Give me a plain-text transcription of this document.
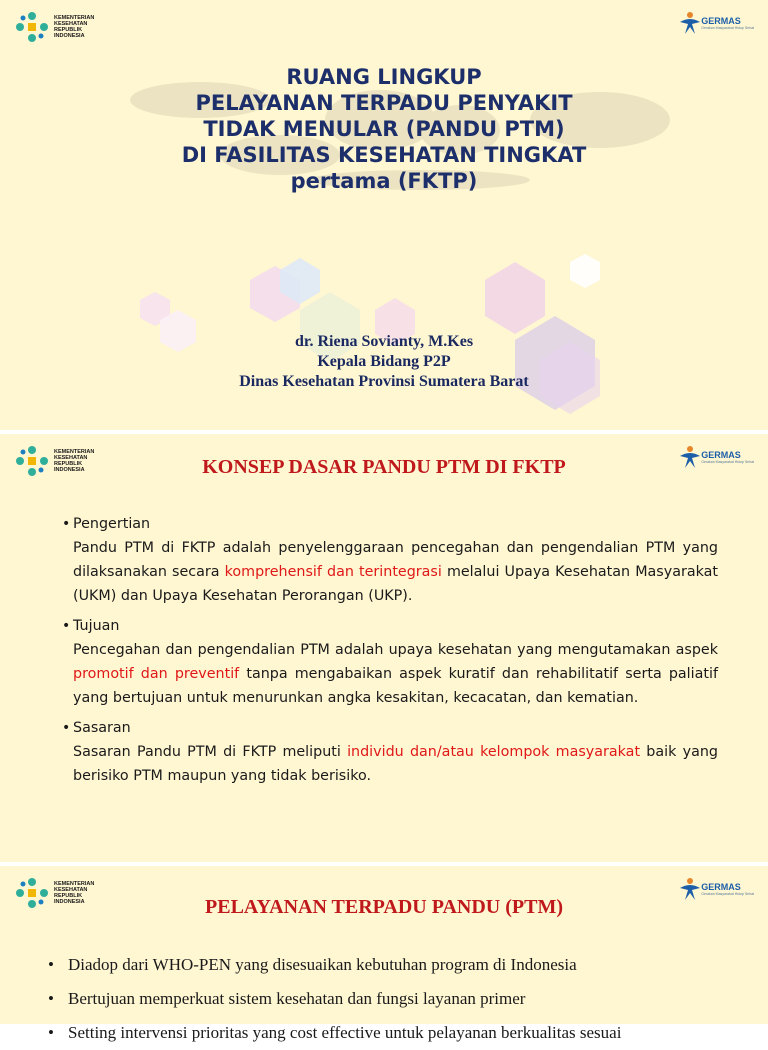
KEMENTERIAN
KESEHATAN
REPUBLIK
INDONESIA
GERMAS
Gerakan Masyarakat Hidup Sehat
RUANG LINGKUP
PELAYANAN TERPADU PENYAKIT
TIDAK MENULAR (PANDU PTM)
DI FASILITAS KESEHATAN TINGKAT
pertama (FKTP)
dr. Riena Sovianty, M.Kes
Kepala Bidang P2P
Dinas Kesehatan Provinsi Sumatera Barat
KEMENTERIAN
KESEHATAN
REPUBLIK
INDONESIA
GERMAS
Gerakan Masyarakat Hidup Sehat
KONSEP DASAR PANDU PTM DI FKTP
• Pengertian
Pandu PTM di FKTP adalah penyelenggaraan pencegahan dan pengendalian PTM yang dilaksanakan secara komprehensif dan terintegrasi melalui Upaya Kesehatan Masyarakat (UKM) dan Upaya Kesehatan Perorangan (UKP).
• Tujuan
Pencegahan dan pengendalian PTM adalah upaya kesehatan yang mengutamakan aspek promotif dan preventif tanpa mengabaikan aspek kuratif dan rehabilitatif serta paliatif yang bertujuan untuk menurunkan angka kesakitan, kecacatan, dan kematian.
• Sasaran
Sasaran Pandu PTM di FKTP meliputi individu dan/atau kelompok masyarakat baik yang berisiko PTM maupun yang tidak berisiko.
KEMENTERIAN
KESEHATAN
REPUBLIK
INDONESIA
GERMAS
Gerakan Masyarakat Hidup Sehat
PELAYANAN TERPADU PANDU (PTM)
• Diadop dari WHO-PEN yang disesuaikan kebutuhan program di Indonesia
• Bertujuan memperkuat sistem kesehatan dan fungsi layanan primer
• Setting intervensi prioritas yang cost effective untuk pelayanan berkualitas sesuai
